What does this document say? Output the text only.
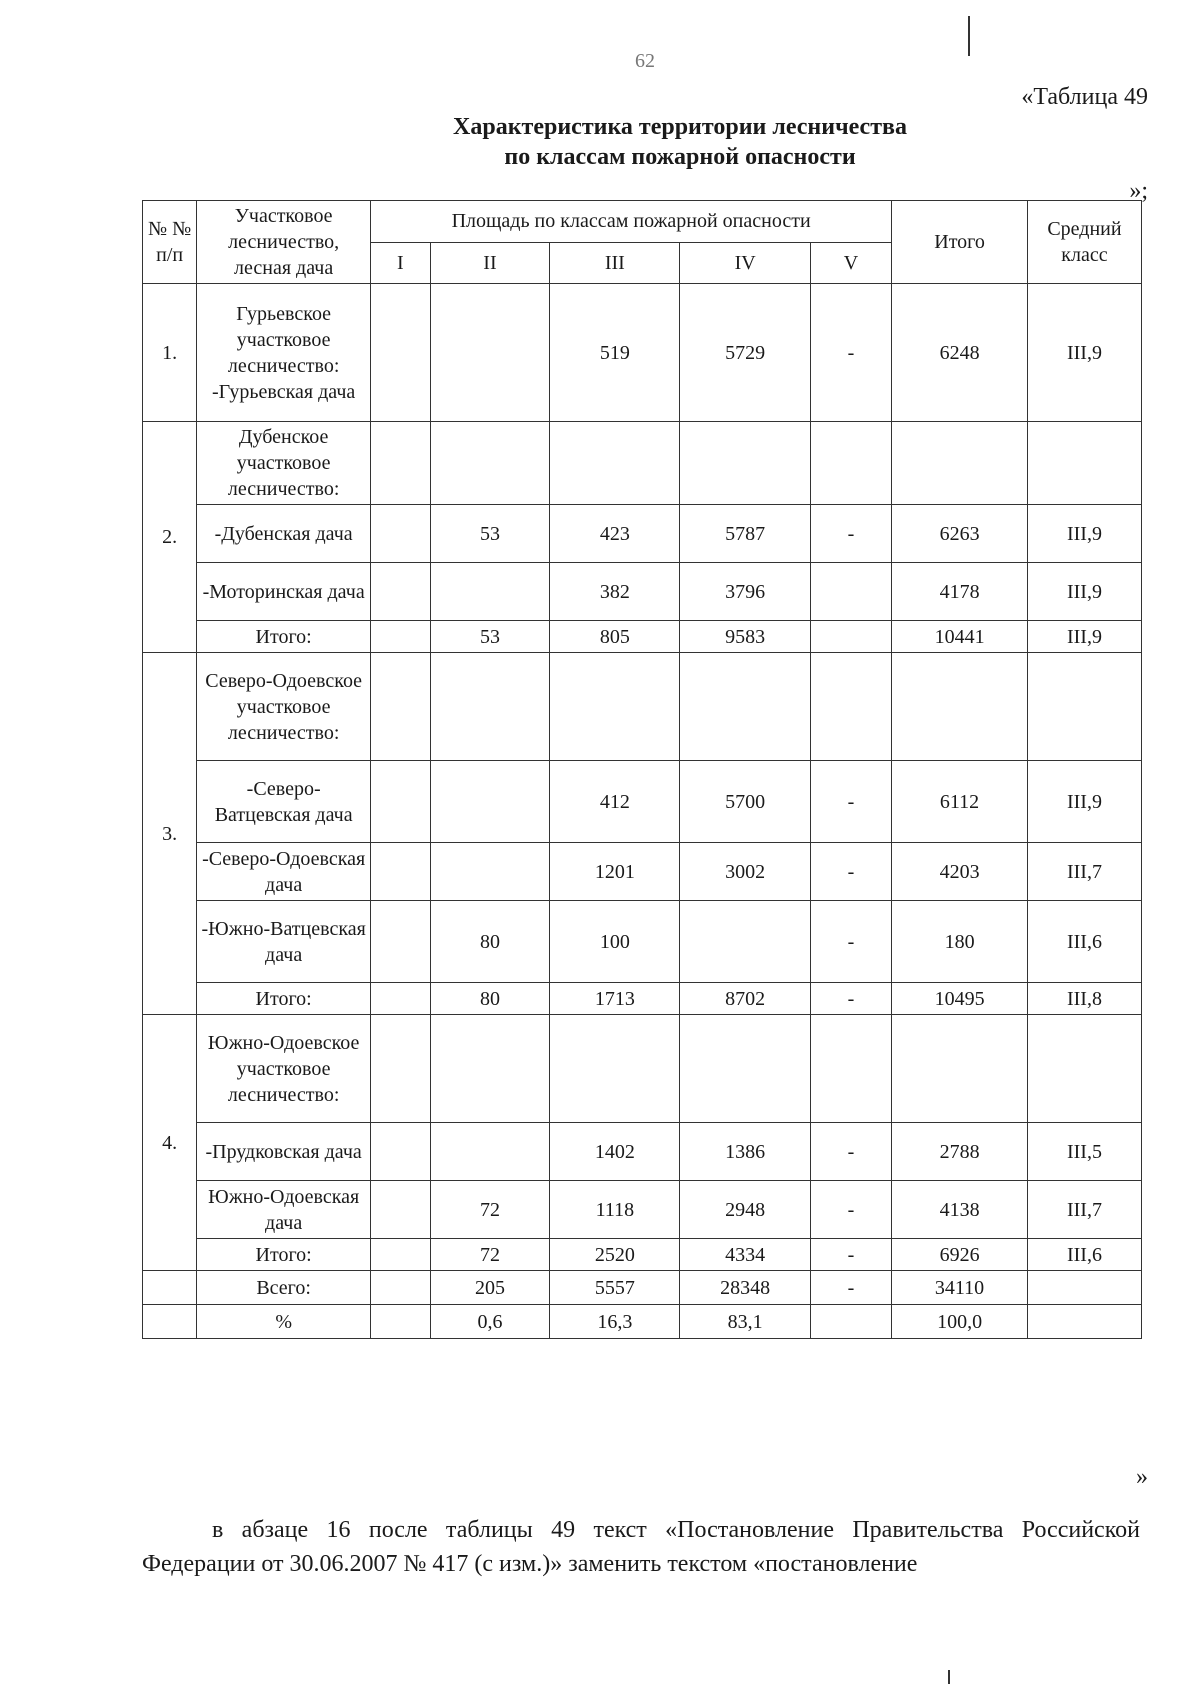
62
«Таблица 49
Характеристика территории лесничества
по классам пожарной опасности
»;
№ № п/п	Участковое лесничество, лесная дача	Площадь по классам пожарной опасности					Итого	Средний класс
		I	II	III	IV	V		
1.	Гурьевское участковое лесничество: -Гурьевская дача			519	5729	-	6248	III,9
2.	Дубенское участковое лесничество:							
	-Дубенская дача		53	423	5787	-	6263	III,9
	-Моторинская дача			382	3796		4178	III,9
	Итого:		53	805	9583		10441	III,9
3.	Северо-Одоевское участковое лесничество:							
	-Северо-Ватцевская дача			412	5700	-	6112	III,9
	-Северо-Одоевская дача			1201	3002	-	4203	III,7
	-Южно-Ватцевская дача		80	100		-	180	III,6
	Итого:		80	1713	8702	-	10495	III,8
4.	Южно-Одоевское участковое лесничество:							
	-Прудковская дача			1402	1386	-	2788	III,5
	Южно-Одоевская дача		72	1118	2948	-	4138	III,7
	Итого:		72	2520	4334	-	6926	III,6
	Всего:		205	5557	28348	-	34110	
	%		0,6	16,3	83,1		100,0	
»
в абзаце 16 после таблицы 49 текст «Постановление Правительства Российской Федерации от 30.06.2007 № 417 (с изм.)» заменить текстом «постановление
